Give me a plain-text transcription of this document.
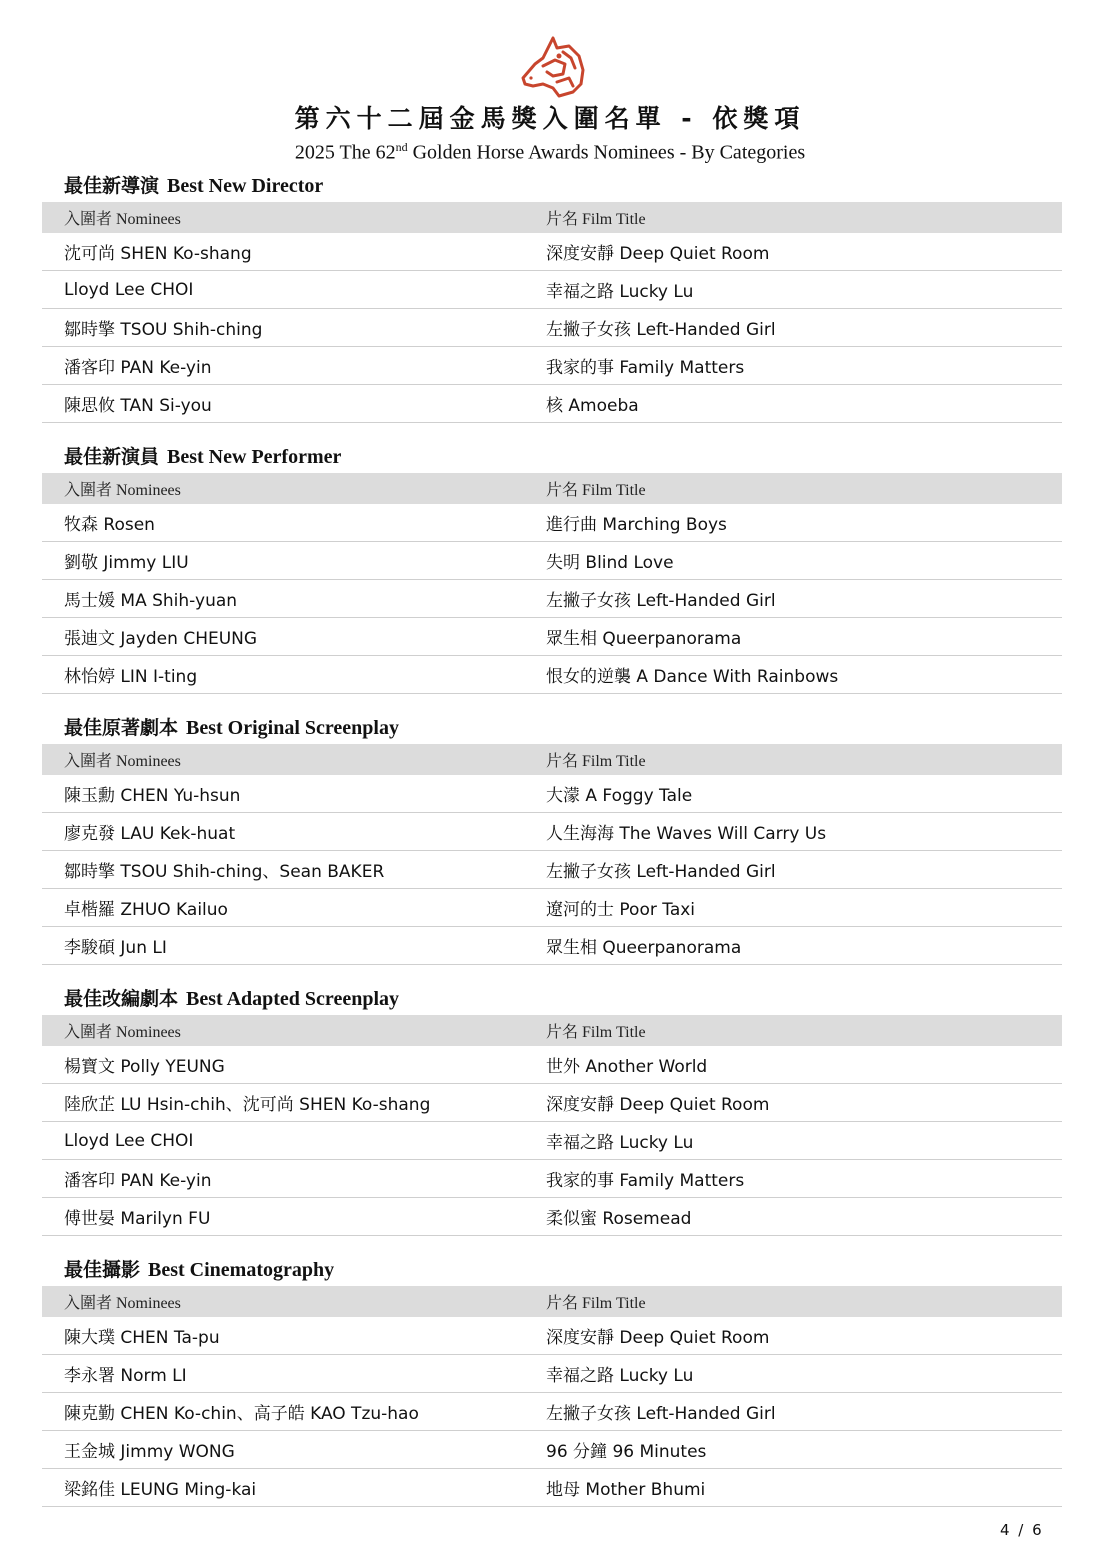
第六十二屆金馬獎入圍名單 - 依獎項
2025 The 62nd Golden Horse Awards Nominees - By Categories
最佳新導演 Best New Director
入圍者 Nominees	片名 Film Title
沈可尚 SHEN Ko-shang	深度安靜 Deep Quiet Room
Lloyd Lee CHOI	幸福之路 Lucky Lu
鄒時擎 TSOU Shih-ching	左撇子女孩 Left-Handed Girl
潘客印 PAN Ke-yin	我家的事 Family Matters
陳思攸 TAN Si-you	核 Amoeba
最佳新演員 Best New Performer
入圍者 Nominees	片名 Film Title
牧森 Rosen	進行曲 Marching Boys
劉敬 Jimmy LIU	失明 Blind Love
馬士媛 MA Shih-yuan	左撇子女孩 Left-Handed Girl
張迪文 Jayden CHEUNG	眾生相 Queerpanorama
林怡婷 LIN I-ting	恨女的逆襲 A Dance With Rainbows
最佳原著劇本 Best Original Screenplay
入圍者 Nominees	片名 Film Title
陳玉勳 CHEN Yu-hsun	大濛 A Foggy Tale
廖克發 LAU Kek-huat	人生海海 The Waves Will Carry Us
鄒時擎 TSOU Shih-ching、Sean BAKER	左撇子女孩 Left-Handed Girl
卓楷羅 ZHUO Kailuo	遼河的士 Poor Taxi
李駿碩 Jun LI	眾生相 Queerpanorama
最佳改編劇本 Best Adapted Screenplay
入圍者 Nominees	片名 Film Title
楊寶文 Polly YEUNG	世外 Another World
陸欣芷 LU Hsin-chih、沈可尚 SHEN Ko-shang	深度安靜 Deep Quiet Room
Lloyd Lee CHOI	幸福之路 Lucky Lu
潘客印 PAN Ke-yin	我家的事 Family Matters
傅世晏 Marilyn FU	柔似蜜 Rosemead
最佳攝影 Best Cinematography
入圍者 Nominees	片名 Film Title
陳大璞 CHEN Ta-pu	深度安靜 Deep Quiet Room
李永署 Norm LI	幸福之路 Lucky Lu
陳克勤 CHEN Ko-chin、高子皓 KAO Tzu-hao	左撇子女孩 Left-Handed Girl
王金城 Jimmy WONG	96 分鐘 96 Minutes
梁銘佳 LEUNG Ming-kai	地母 Mother Bhumi
4 / 6
